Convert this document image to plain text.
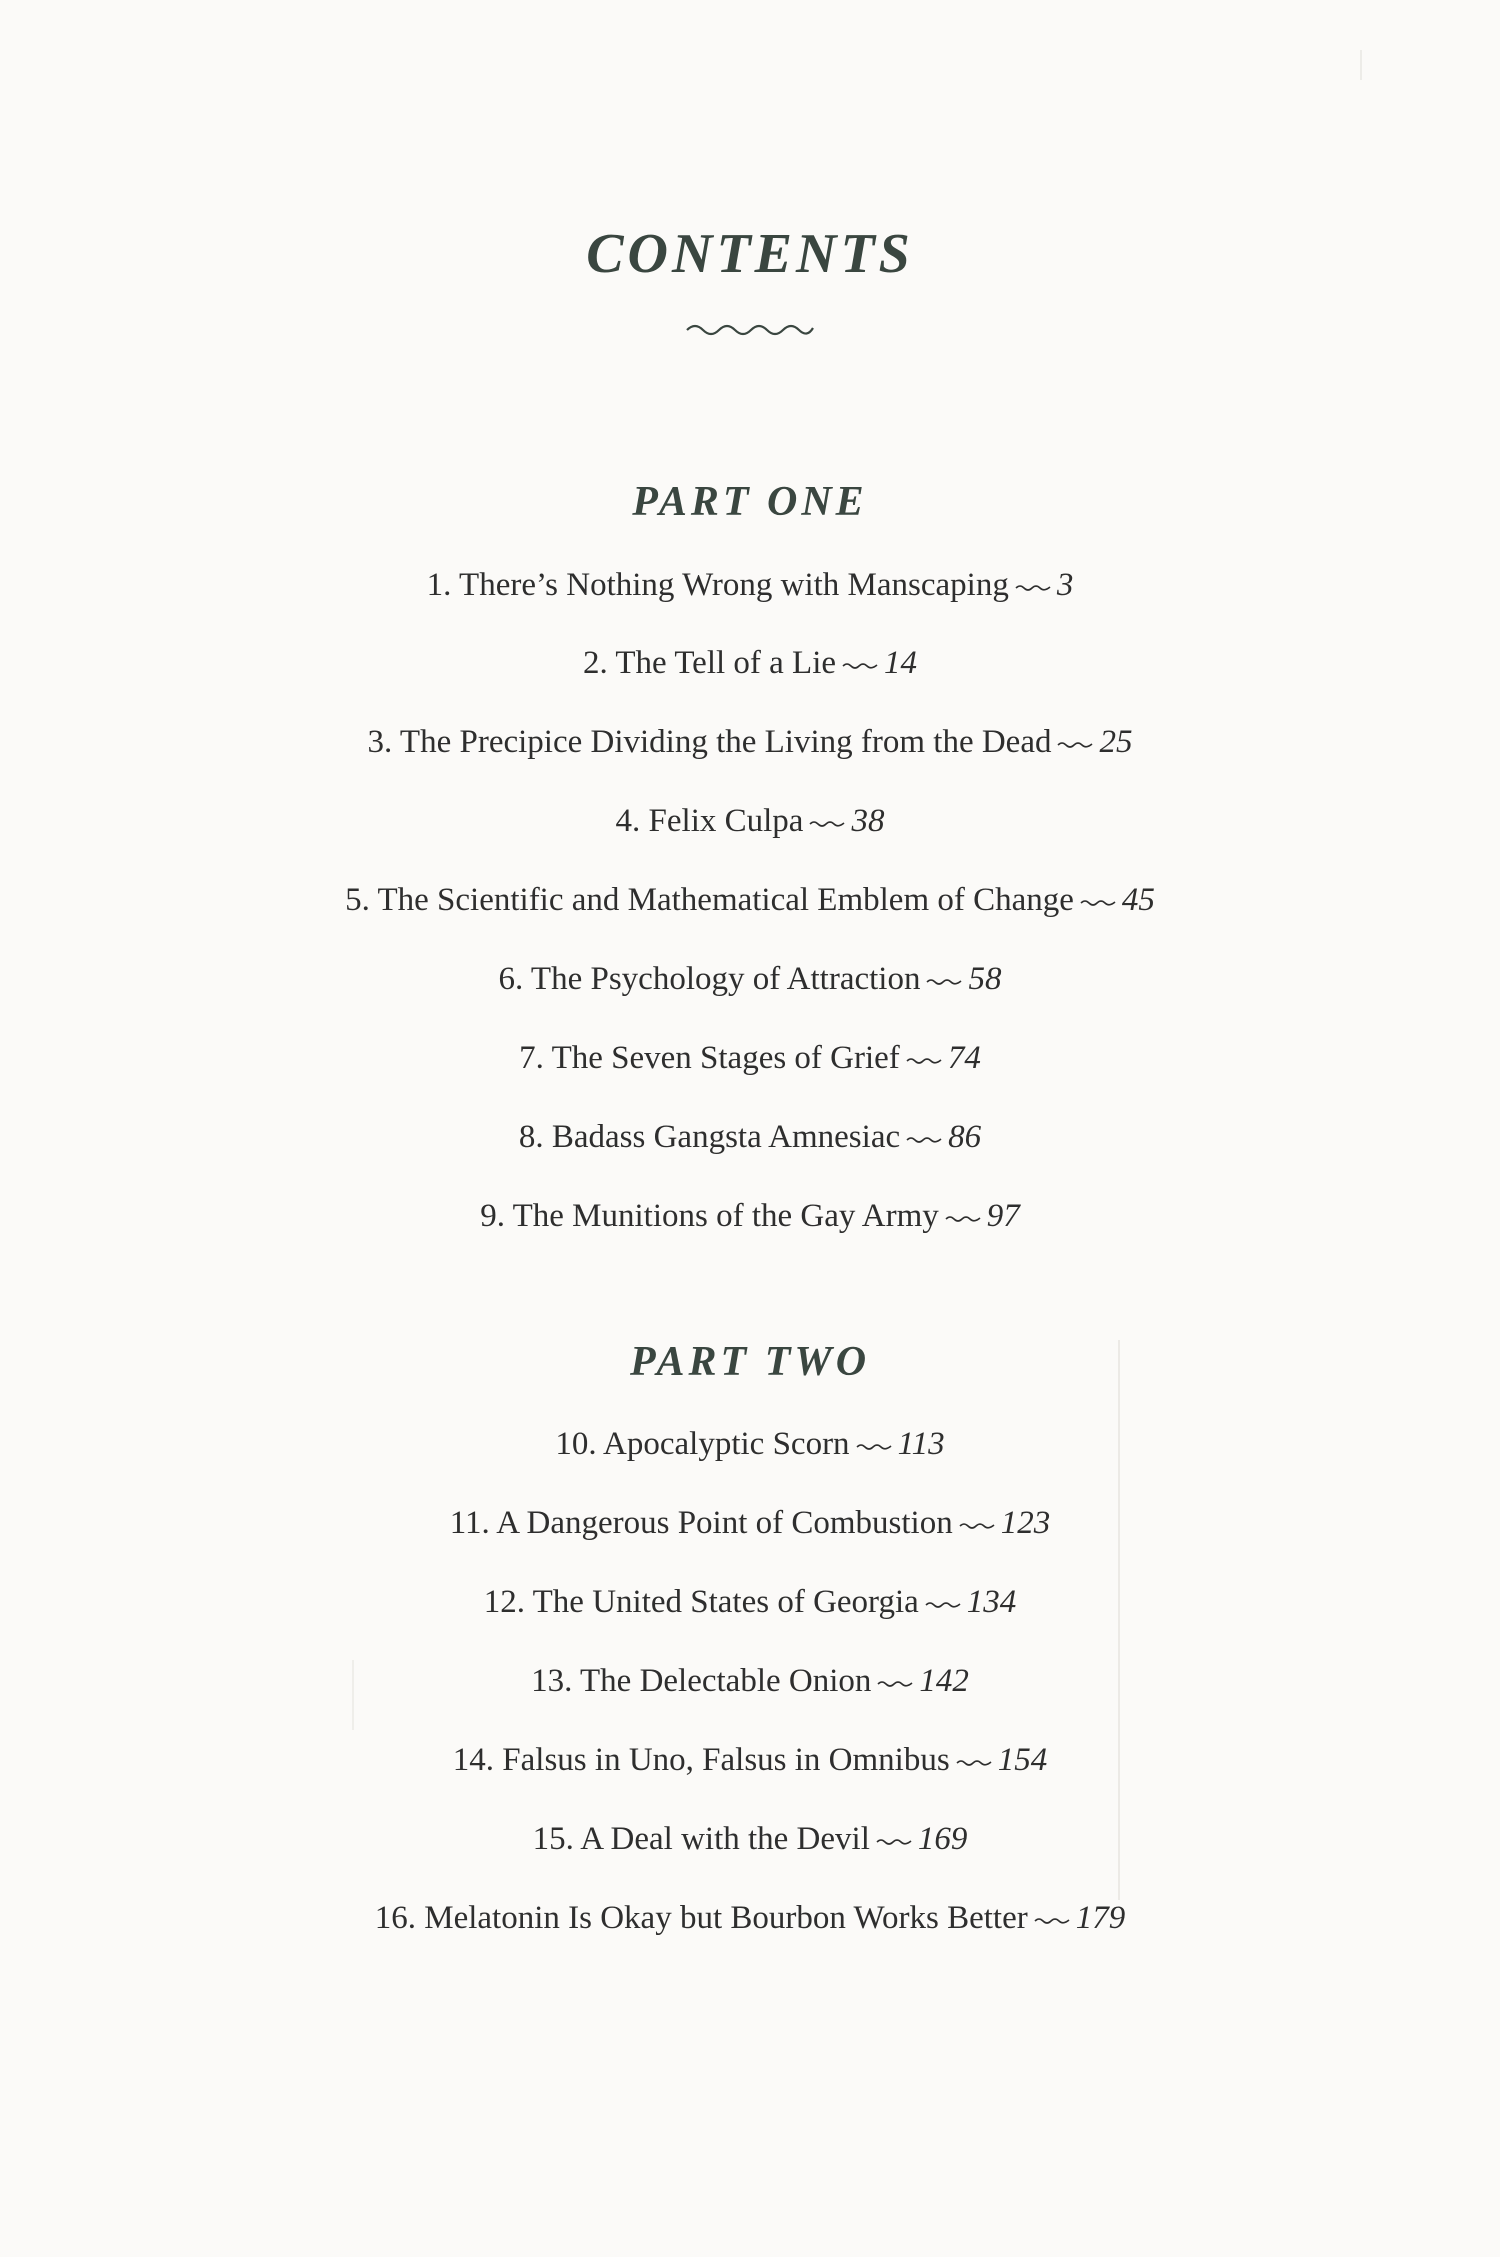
CONTENTS
PART ONE
1. There’s Nothing Wrong with Manscaping 3
2. The Tell of a Lie 14
3. The Precipice Dividing the Living from the Dead 25
4. Felix Culpa 38
5. The Scientific and Mathematical Emblem of Change 45
6. The Psychology of Attraction 58
7. The Seven Stages of Grief 74
8. Badass Gangsta Amnesiac 86
9. The Munitions of the Gay Army 97
PART TWO
10. Apocalyptic Scorn 113
11. A Dangerous Point of Combustion 123
12. The United States of Georgia 134
13. The Delectable Onion 142
14. Falsus in Uno, Falsus in Omnibus 154
15. A Deal with the Devil 169
16. Melatonin Is Okay but Bourbon Works Better 179
